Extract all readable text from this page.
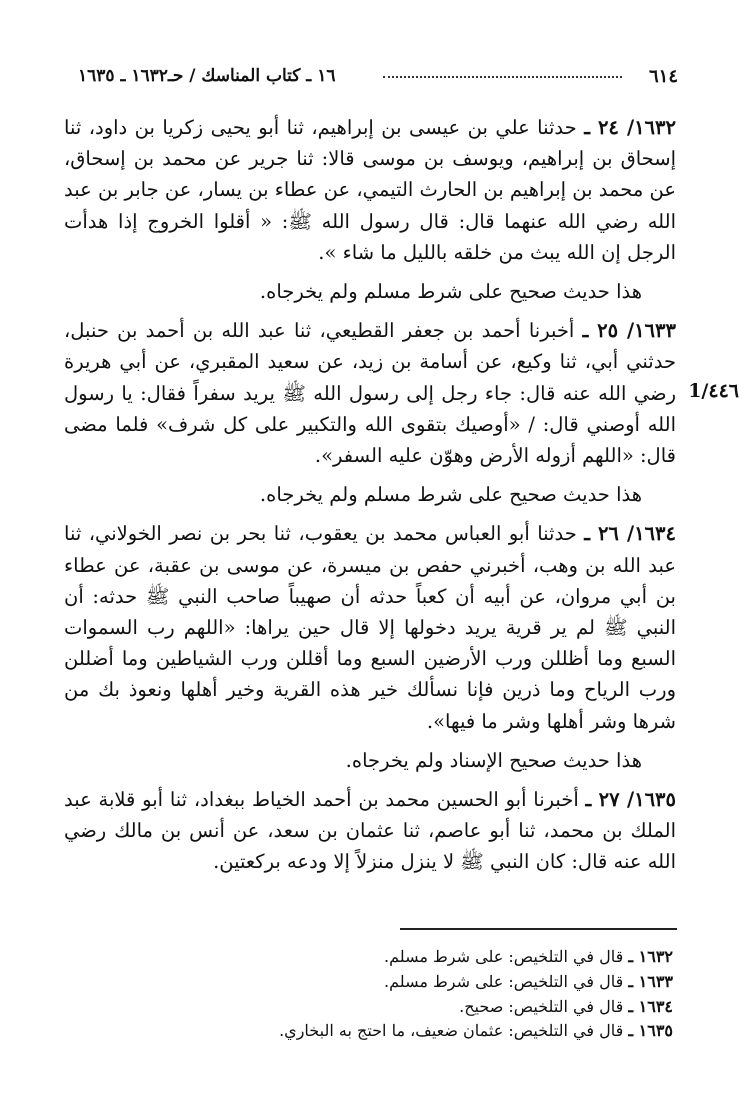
٦١٤
١٦ ـ كتاب المناسك / حـ١٦٣٢ ـ ١٦٣٥
1/٤٤٦

١٦٣٢/ ٢٤ ـ حدثنا علي بن عيسى بن إبراهيم، ثنا أبو يحيى زكريا بن داود، ثنا إسحاق بن إبراهيم، ويوسف بن موسى قالا: ثنا جرير عن محمد بن إسحاق، عن محمد بن إبراهيم بن الحارث التيمي، عن عطاء بن يسار، عن جابر بن عبد الله رضي الله عنهما قال: قال رسول الله ﷺ: « أقلوا الخروج إذا هدأت الرجل إن الله يبث من خلقه بالليل ما شاء ».

هذا حديث صحيح على شرط مسلم ولم يخرجاه.

١٦٣٣/ ٢٥ ـ أخبرنا أحمد بن جعفر القطيعي، ثنا عبد الله بن أحمد بن حنبل، حدثني أبي، ثنا وكيع، عن أسامة بن زيد، عن سعيد المقبري، عن أبي هريرة رضي الله عنه قال: جاء رجل إلى رسول الله ﷺ يريد سفراً فقال: يا رسول الله أوصني قال: / «أوصيك بتقوى الله والتكبير على كل شرف» فلما مضى قال: «اللهم أزوله الأرض وهوّن عليه السفر».

هذا حديث صحيح على شرط مسلم ولم يخرجاه.

١٦٣٤/ ٢٦ ـ حدثنا أبو العباس محمد بن يعقوب، ثنا بحر بن نصر الخولاني، ثنا عبد الله بن وهب، أخبرني حفص بن ميسرة، عن موسى بن عقبة، عن عطاء بن أبي مروان، عن أبيه أن كعباً حدثه أن صهيباً صاحب النبي ﷺ حدثه: أن النبي ﷺ لم ير قرية يريد دخولها إلا قال حين يراها: «اللهم رب السموات السبع وما أظللن ورب الأرضين السبع وما أقللن ورب الشياطين وما أضللن ورب الرياح وما ذرين فإنا نسألك خير هذه القرية وخير أهلها ونعوذ بك من شرها وشر أهلها وشر ما فيها».

هذا حديث صحيح الإسناد ولم يخرجاه.

١٦٣٥/ ٢٧ ـ أخبرنا أبو الحسين محمد بن أحمد الخياط ببغداد، ثنا أبو قلابة عبد الملك بن محمد، ثنا أبو عاصم، ثنا عثمان بن سعد، عن أنس بن مالك رضي الله عنه قال: كان النبي ﷺ لا ينزل منزلاً إلا ودعه بركعتين.

١٦٣٢ ـ قال في التلخيص: على شرط مسلم.
١٦٣٣ ـ قال في التلخيص: على شرط مسلم.
١٦٣٤ ـ قال في التلخيص: صحيح.
١٦٣٥ ـ قال في التلخيص: عثمان ضعيف، ما احتج به البخاري.
